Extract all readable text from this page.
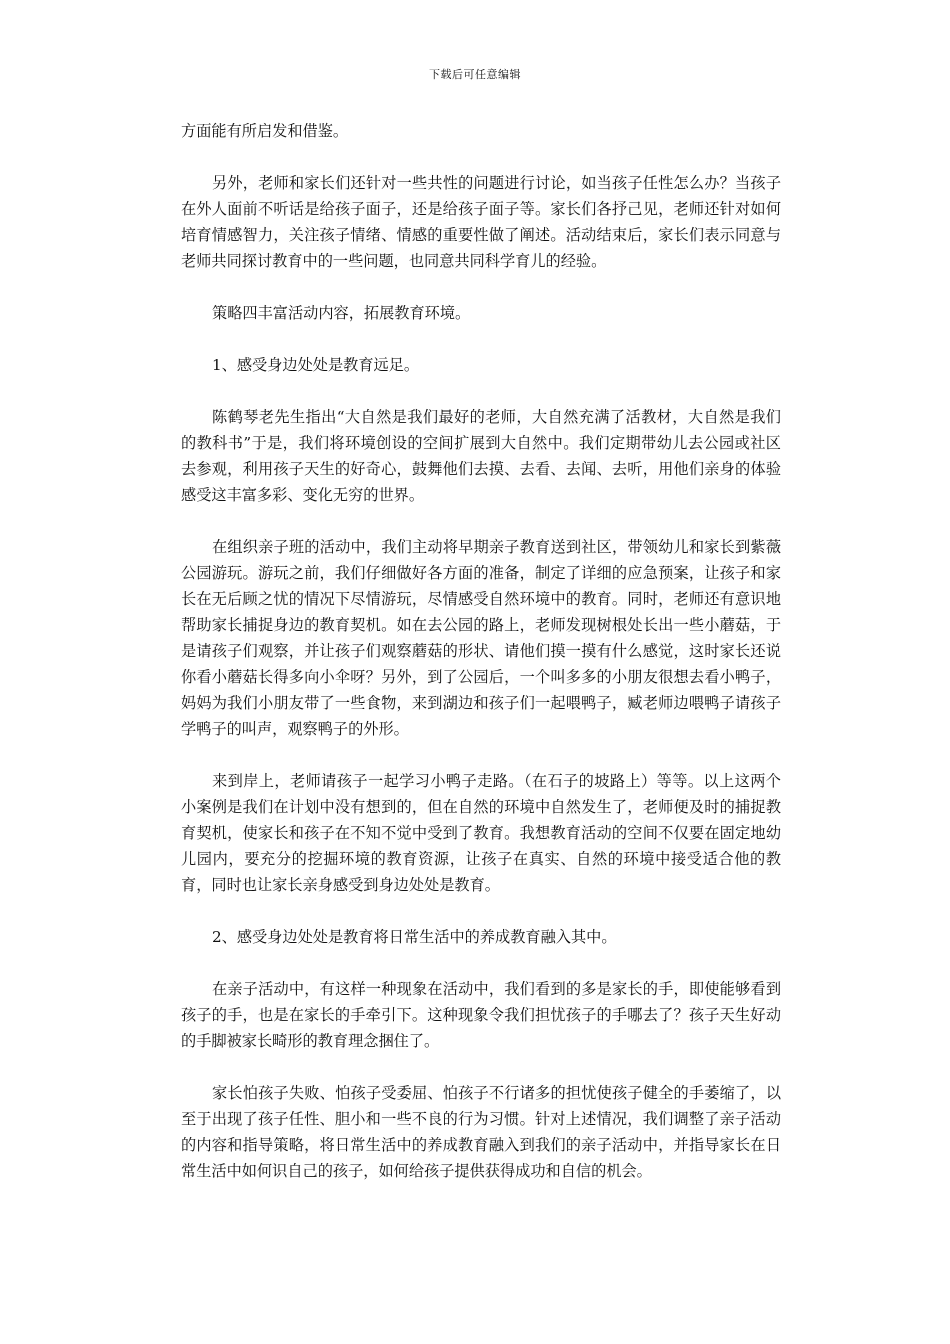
下载后可任意编辑

方面能有所启发和借鉴。

另外，老师和家长们还针对一些共性的问题进行讨论，如当孩子任性怎么办？当孩子在外人面前不听话是给孩子面子，还是给孩子面子等。家长们各抒己见，老师还针对如何培育情感智力，关注孩子情绪、情感的重要性做了阐述。活动结束后，家长们表示同意与老师共同探讨教育中的一些问题，也同意共同科学育儿的经验。

策略四丰富活动内容，拓展教育环境。

1、感受身边处处是教育远足。

陈鹤琴老先生指出“大自然是我们最好的老师，大自然充满了活教材，大自然是我们的教科书”于是，我们将环境创设的空间扩展到大自然中。我们定期带幼儿去公园或社区去参观，利用孩子天生的好奇心，鼓舞他们去摸、去看、去闻、去听，用他们亲身的体验感受这丰富多彩、变化无穷的世界。

在组织亲子班的活动中，我们主动将早期亲子教育送到社区，带领幼儿和家长到紫薇公园游玩。游玩之前，我们仔细做好各方面的准备，制定了详细的应急预案，让孩子和家长在无后顾之忧的情况下尽情游玩，尽情感受自然环境中的教育。同时，老师还有意识地帮助家长捕捉身边的教育契机。如在去公园的路上，老师发现树根处长出一些小蘑菇，于是请孩子们观察，并让孩子们观察蘑菇的形状、请他们摸一摸有什么感觉，这时家长还说你看小蘑菇长得多向小伞呀？另外，到了公园后，一个叫多多的小朋友很想去看小鸭子，妈妈为我们小朋友带了一些食物，来到湖边和孩子们一起喂鸭子，臧老师边喂鸭子请孩子学鸭子的叫声，观察鸭子的外形。

来到岸上，老师请孩子一起学习小鸭子走路。（在石子的坡路上）等等。以上这两个小案例是我们在计划中没有想到的，但在自然的环境中自然发生了，老师便及时的捕捉教育契机，使家长和孩子在不知不觉中受到了教育。我想教育活动的空间不仅要在固定地幼儿园内，要充分的挖掘环境的教育资源，让孩子在真实、自然的环境中接受适合他的教育，同时也让家长亲身感受到身边处处是教育。

2、感受身边处处是教育将日常生活中的养成教育融入其中。

在亲子活动中，有这样一种现象在活动中，我们看到的多是家长的手，即使能够看到孩子的手，也是在家长的手牵引下。这种现象令我们担忧孩子的手哪去了？孩子天生好动的手脚被家长畸形的教育理念捆住了。

家长怕孩子失败、怕孩子受委屈、怕孩子不行诸多的担忧使孩子健全的手萎缩了，以至于出现了孩子任性、胆小和一些不良的行为习惯。针对上述情况，我们调整了亲子活动的内容和指导策略，将日常生活中的养成教育融入到我们的亲子活动中，并指导家长在日常生活中如何识自己的孩子，如何给孩子提供获得成功和自信的机会。
